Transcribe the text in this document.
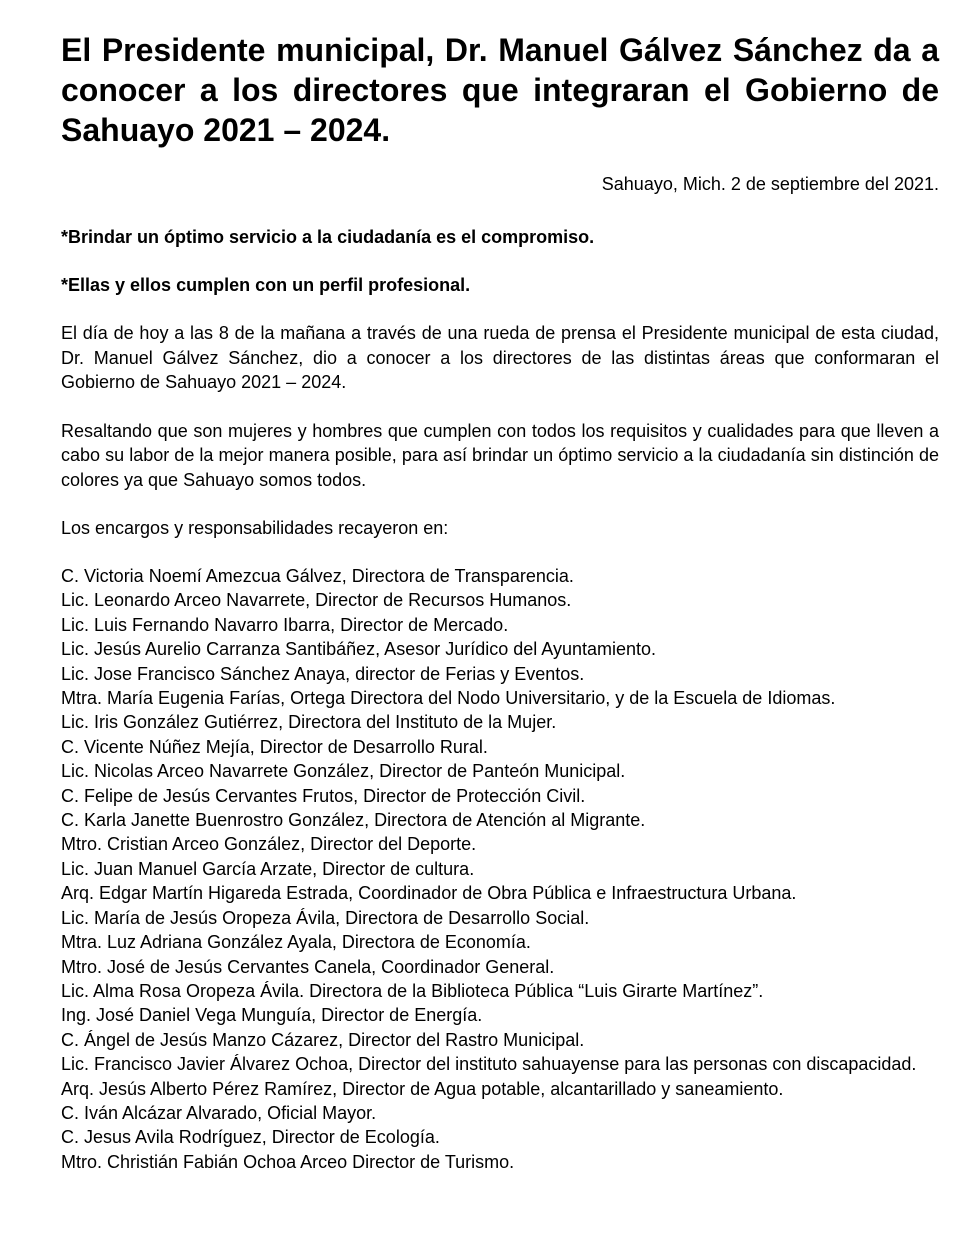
El Presidente municipal, Dr. Manuel Gálvez Sánchez da a conocer a los directores que integraran el Gobierno de Sahuayo 2021 – 2024.
Sahuayo, Mich. 2 de septiembre del 2021.
*Brindar un óptimo servicio a la ciudadanía es el compromiso.
*Ellas y ellos cumplen con un perfil profesional.

El día de hoy a las 8 de la mañana a través de una rueda de prensa el Presidente municipal de esta ciudad, Dr. Manuel Gálvez Sánchez, dio a conocer a los directores de las distintas áreas que conformaran el Gobierno de Sahuayo 2021 – 2024.

Resaltando que son mujeres y hombres que cumplen con todos los requisitos y cualidades para que lleven a cabo su labor de la mejor manera posible, para así brindar un óptimo servicio a la ciudadanía sin distinción de colores ya que Sahuayo somos todos.

Los encargos y responsabilidades recayeron en:
C. Victoria Noemí Amezcua Gálvez, Directora de Transparencia.
Lic. Leonardo Arceo Navarrete, Director de Recursos Humanos.
Lic. Luis Fernando Navarro Ibarra, Director de Mercado.
Lic. Jesús Aurelio Carranza Santibáñez, Asesor Jurídico del Ayuntamiento.
Lic. Jose Francisco Sánchez Anaya, director de Ferias y Eventos.
Mtra. María Eugenia Farías, Ortega Directora del Nodo Universitario, y de la Escuela de Idiomas.
Lic. Iris González Gutiérrez, Directora del Instituto de la Mujer.
C. Vicente Núñez Mejía, Director de Desarrollo Rural.
Lic. Nicolas Arceo Navarrete González, Director de Panteón Municipal.
C. Felipe de Jesús Cervantes Frutos, Director de Protección Civil.
C. Karla Janette Buenrostro González, Directora de Atención al Migrante.
Mtro. Cristian Arceo González, Director del Deporte.
Lic. Juan Manuel García Arzate, Director de cultura.
Arq. Edgar Martín Higareda Estrada, Coordinador de Obra Pública e Infraestructura Urbana.
Lic. María de Jesús Oropeza Ávila, Directora de Desarrollo Social.
Mtra. Luz Adriana González Ayala, Directora de Economía.
Mtro. José de Jesús Cervantes Canela, Coordinador General.
Lic. Alma Rosa Oropeza Ávila. Directora de la Biblioteca Pública “Luis Girarte Martínez”.
Ing. José Daniel Vega Munguía, Director de Energía.
C. Ángel de Jesús Manzo Cázarez, Director del Rastro Municipal.
Lic. Francisco Javier Álvarez Ochoa, Director del instituto sahuayense para las personas con discapacidad.
Arq. Jesús Alberto Pérez Ramírez, Director de Agua potable, alcantarillado y saneamiento.
C. Iván Alcázar Alvarado, Oficial Mayor.
C. Jesus Avila Rodríguez, Director de Ecología.
Mtro. Christián Fabián Ochoa Arceo Director de Turismo.
